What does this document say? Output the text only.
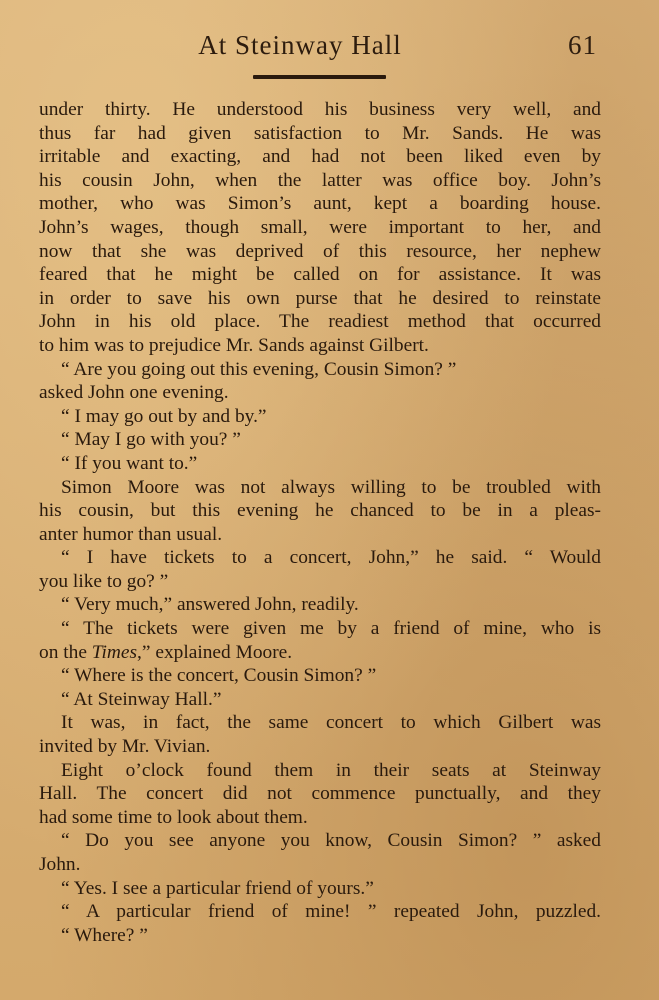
At Steinway Hall	61
under thirty. He understood his business very well, and
thus far had given satisfaction to Mr. Sands. He was
irritable and exacting, and had not been liked even by
his cousin John, when the latter was office boy. John’s
mother, who was Simon’s aunt, kept a boarding house.
John’s wages, though small, were important to her, and
now that she was deprived of this resource, her nephew
feared that he might be called on for assistance. It was
in order to save his own purse that he desired to reinstate
John in his old place. The readiest method that occurred
to him was to prejudice Mr. Sands against Gilbert.
“ Are you going out this evening, Cousin Simon? ”
asked John one evening.
“ I may go out by and by.”
“ May I go with you? ”
“ If you want to.”
Simon Moore was not always willing to be troubled with
his cousin, but this evening he chanced to be in a pleas-
anter humor than usual.
“ I have tickets to a concert, John,” he said. “ Would
you like to go? ”
“ Very much,” answered John, readily.
“ The tickets were given me by a friend of mine, who is
on the Times,” explained Moore.
“ Where is the concert, Cousin Simon? ”
“ At Steinway Hall.”
It was, in fact, the same concert to which Gilbert was
invited by Mr. Vivian.
Eight o’clock found them in their seats at Steinway
Hall. The concert did not commence punctually, and they
had some time to look about them.
“ Do you see anyone you know, Cousin Simon? ” asked
John.
“ Yes. I see a particular friend of yours.”
“ A particular friend of mine! ” repeated John, puzzled.
“ Where? ”
